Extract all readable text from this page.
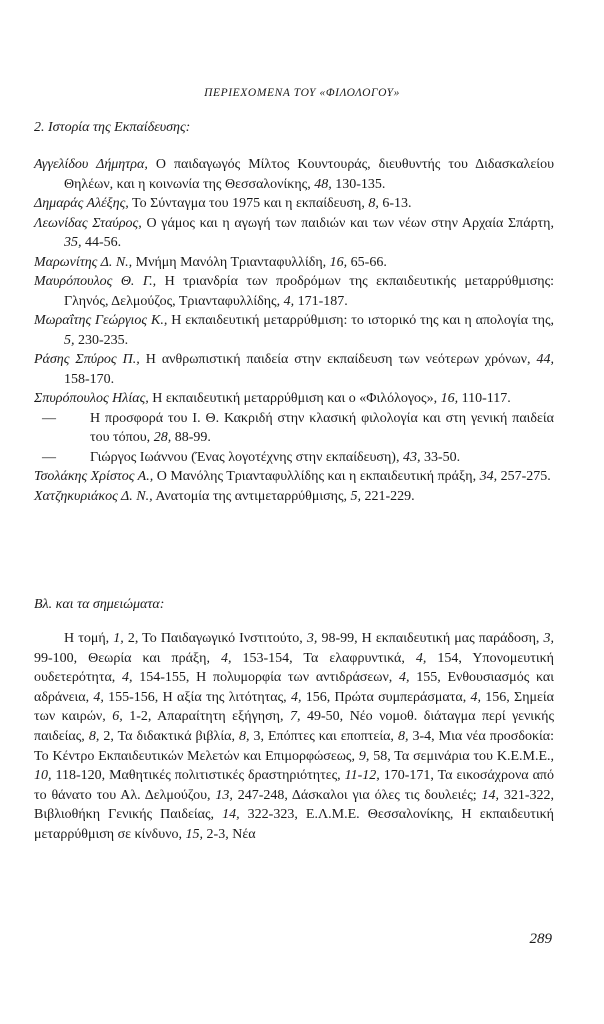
ΠΕΡΙΕΧΟΜΕΝΑ ΤΟΥ «ΦΙΛΟΛΟΓΟΥ»
2. Ιστορία της Εκπαίδευσης:

Αγγελίδου Δήμητρα, Ο παιδαγωγός Μίλτος Κουντουράς, διευθυντής του Διδασκαλείου Θηλέων, και η κοινωνία της Θεσσαλονίκης, 48, 130-135.

Δημαράς Αλέξης, Το Σύνταγμα του 1975 και η εκπαίδευση, 8, 6-13.

Λεωνίδας Σταύρος, Ο γάμος και η αγωγή των παιδιών και των νέων στην Αρχαία Σπάρτη, 35, 44-56.

Μαρωνίτης Δ. Ν., Μνήμη Μανόλη Τριανταφυλλίδη, 16, 65-66.

Μαυρόπουλος Θ. Γ., Η τριανδρία των προδρόμων της εκπαιδευτικής μεταρρύθμισης: Γληνός, Δελμούζος, Τριανταφυλλίδης, 4, 171-187.

Μωραΐτης Γεώργιος Κ., Η εκπαιδευτική μεταρρύθμιση: το ιστορικό της και η απολογία της, 5, 230-235.

Ράσης Σπύρος Π., Η ανθρωπιστική παιδεία στην εκπαίδευση των νεότερων χρόνων, 44, 158-170.

Σπυρόπουλος Ηλίας, Η εκπαιδευτική μεταρρύθμιση και ο «Φιλόλογος», 16, 110-117.

— Η προσφορά του Ι. Θ. Κακριδή στην κλασική φιλολογία και στη γενική παιδεία του τόπου, 28, 88-99.

— Γιώργος Ιωάννου (Ένας λογοτέχνης στην εκπαίδευση), 43, 33-50.

Τσολάκης Χρίστος Α., Ο Μανόλης Τριανταφυλλίδης και η εκπαιδευτική πράξη, 34, 257-275.

Χατζηκυριάκος Δ. Ν., Ανατομία της αντιμεταρρύθμισης, 5, 221-229.

Βλ. και τα σημειώματα:

Η τομή, 1, 2, Το Παιδαγωγικό Ινστιτούτο, 3, 98-99, Η εκπαιδευτική μας παράδοση, 3, 99-100, Θεωρία και πράξη, 4, 153-154, Τα ελαφρυντικά, 4, 154, Υπονομευτική ουδετερότητα, 4, 154-155, Η πολυμορφία των αντιδράσεων, 4, 155, Ενθουσιασμός και αδράνεια, 4, 155-156, Η αξία της λιτότητας, 4, 156, Πρώτα συμπεράσματα, 4, 156, Σημεία των καιρών, 6, 1-2, Απαραίτητη εξήγηση, 7, 49-50, Νέο νομοθ. διάταγμα περί γενικής παιδείας, 8, 2, Τα διδακτικά βιβλία, 8, 3, Επόπτες και εποπτεία, 8, 3-4, Μια νέα προσδοκία: Το Κέντρο Εκπαιδευτικών Μελετών και Επιμορφώσεως, 9, 58, Τα σεμινάρια του Κ.Ε.Μ.Ε., 10, 118-120, Μαθητικές πολιτιστικές δραστηριότητες, 11-12, 170-171, Τα εικοσάχρονα από το θάνατο του Αλ. Δελμούζου, 13, 247-248, Δάσκαλοι για όλες τις δουλειές; 14, 321-322, Βιβλιοθήκη Γενικής Παιδείας, 14, 322-323, Ε.Λ.Μ.Ε. Θεσσαλονίκης, Η εκπαιδευτική μεταρρύθμιση σε κίνδυνο, 15, 2-3, Νέα

289
